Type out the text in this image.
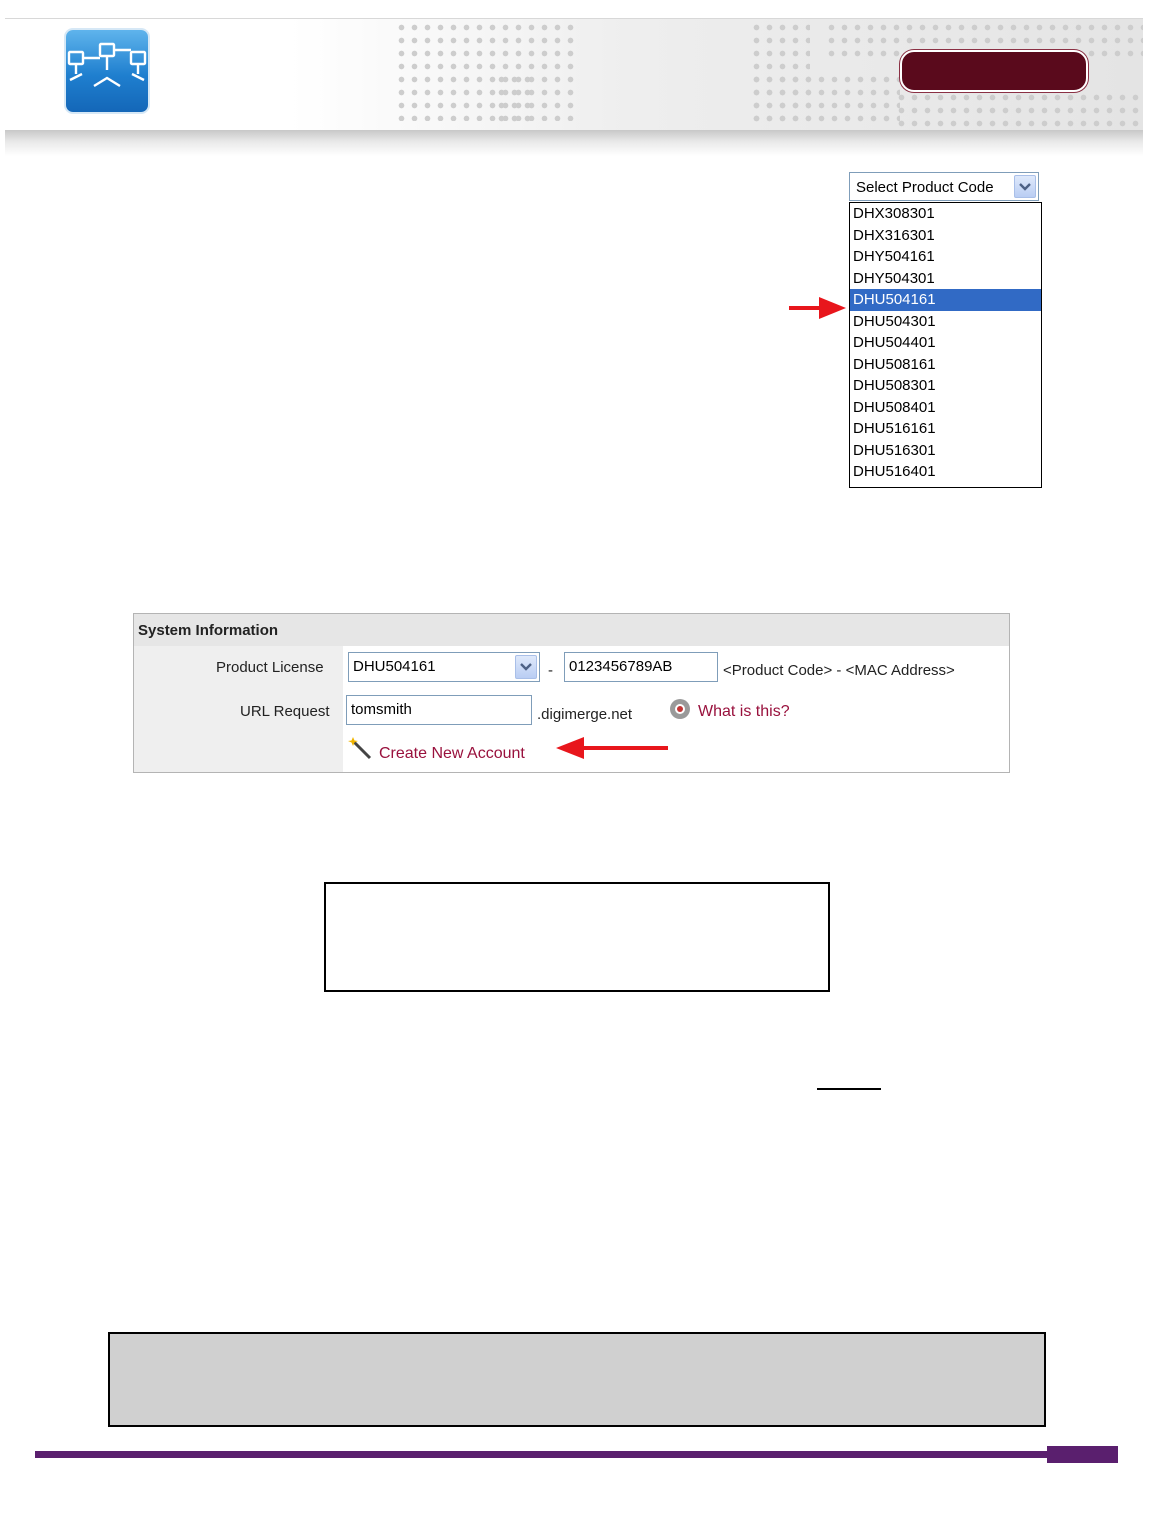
Select Product Code
DHX308301
DHX316301
DHY504161
DHY504301
DHU504161
DHU504301
DHU504401
DHU508161
DHU508301
DHU508401
DHU516161
DHU516301
DHU516401
System Information
Product License	DHU504161	-	0123456789AB	<Product Code> - <MAC Address>
URL Request	tomsmith	.digimerge.net	What is this?
Create New Account
